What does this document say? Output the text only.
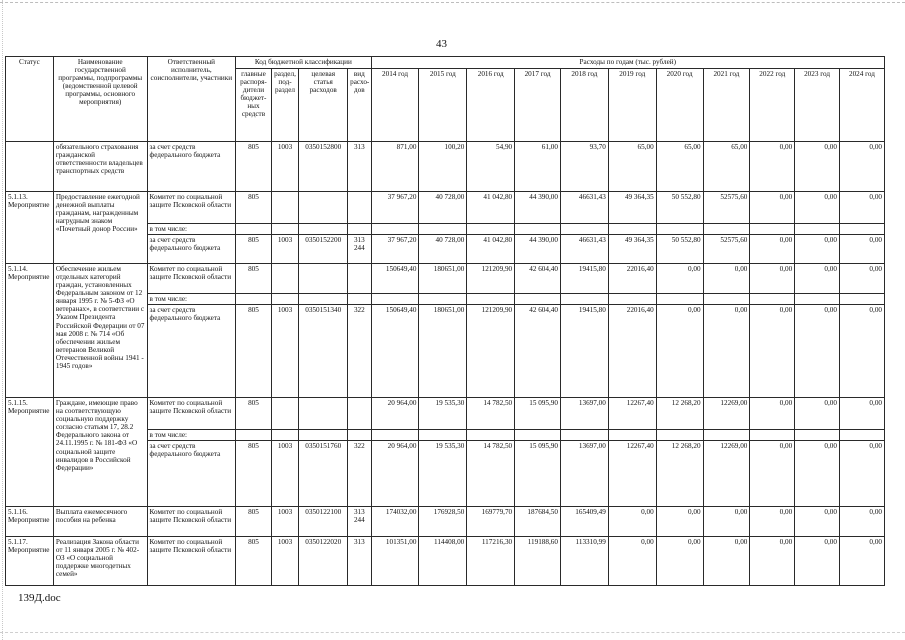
43
Статус	Наименование государственной программы, подпрограммы (ведомственной целевой программы, основного мероприятия)	Ответственный исполнитель, соисполнители, участники	Код бюджетной классификации				Расходы по годам (тыс. рублей)										
			главные распоря-дители бюджет-ных средств	раздел, под-раздел	целевая статья расходов	вид расхо-дов	2014 год	2015 год	2016 год	2017 год	2018 год	2019 год	2020 год	2021 год	2022 год	2023 год	2024 год
	обязательного страхования гражданской ответственности владельцев транспортных средств	за счет средств федерального бюджета	805	1003	0350152800	313	871,00	100,20	54,90	61,00	93,70	65,00	65,00	65,00	0,00	0,00	0,00
5.1.13. Мероприятие	Предоставление ежегодной денежной выплаты гражданам, награжденным нагрудным знаком «Почетный донор России»	Комитет по социальной защите Псковской области	805				37 967,20	40 728,00	41 042,80	44 390,00	46631,43	49 364,35	50 552,80	52575,60	0,00	0,00	0,00
		в том числе:															
		за счет средств федерального бюджета	805	1003	0350152200	313 244	37 967,20	40 728,00	41 042,80	44 390,00	46631,43	49 364,35	50 552,80	52575,60	0,00	0,00	0,00
5.1.14. Мероприятие	Обеспечение жильем отдельных категорий граждан, установленных Федеральным законом от 12 января 1995 г. № 5-ФЗ «О ветеранах», в соответствии с Указом Президента Российской Федерации от 07 мая 2008 г. № 714 «Об обеспечении жильем ветеранов Великой Отечественной войны 1941 - 1945 годов»	Комитет по социальной защите Псковской области	805				150649,40	180651,00	121209,90	42 604,40	19415,80	22016,40	0,00	0,00	0,00	0,00	0,00
		в том числе:															
		за счет средств федерального бюджета	805	1003	0350151340	322	150649,40	180651,00	121209,90	42 604,40	19415,80	22016,40	0,00	0,00	0,00	0,00	0,00
5.1.15. Мероприятие	Граждане, имеющие право на соответствующую социальную поддержку согласно статьям 17, 28.2 Федерального закона от 24.11.1995 г. № 181-ФЗ «О социальной защите инвалидов в Российской Федерации»	Комитет по социальной защите Псковской области	805				20 964,00	19 535,30	14 782,50	15 095,90	13697,00	12267,40	12 268,20	12269,00	0,00	0,00	0,00
		в том числе:															
		за счет средств федерального бюджета	805	1003	0350151760	322	20 964,00	19 535,30	14 782,50	15 095,90	13697,00	12267,40	12 268,20	12269,00	0,00	0,00	0,00
5.1.16. Мероприятие	Выплата ежемесячного пособия на ребенка	Комитет по социальной защите Псковской области	805	1003	0350122100	313 244	174032,00	176928,50	169779,70	187684,50	165409,49	0,00	0,00	0,00	0,00	0,00	0,00
5.1.17. Мероприятие	Реализация Закона области от 11 января 2005 г. № 402-ОЗ «О социальной поддержке многодетных семей»	Комитет по социальной защите Псковской области	805	1003	0350122020	313	101351,00	114408,00	117216,30	119188,60	113310,99	0,00	0,00	0,00	0,00	0,00	0,00
139Д.doc
